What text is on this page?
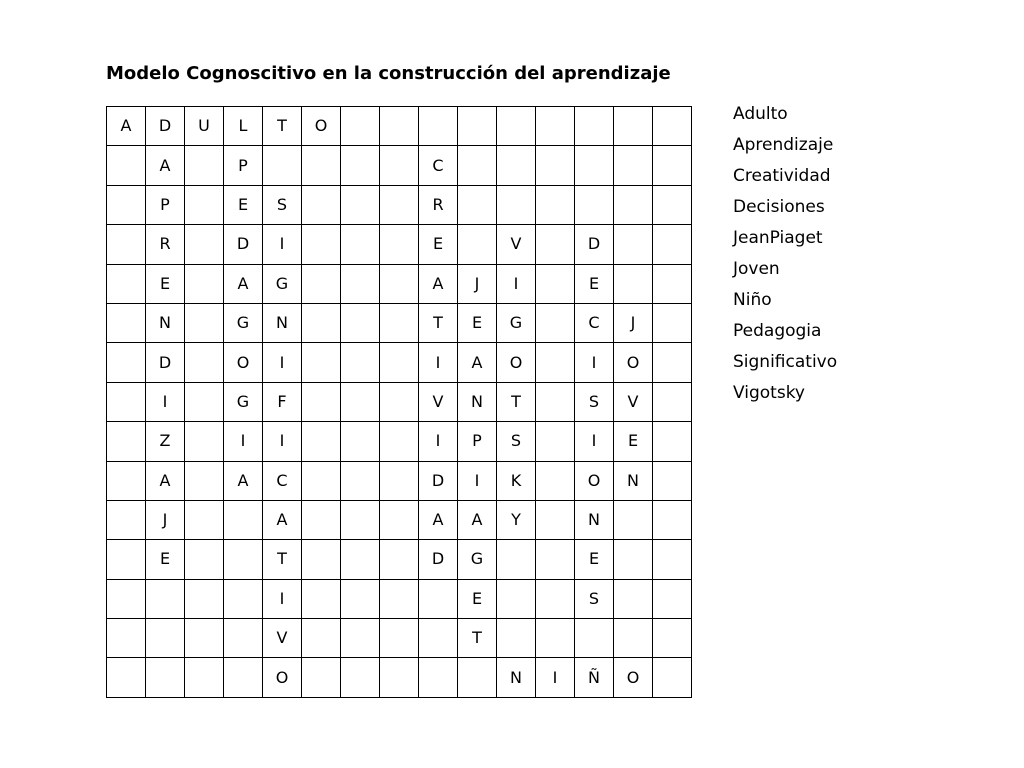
Modelo Cognoscitivo en la construcción del aprendizaje
A	D	U	L	T	O									
	A		P					C						
	P		E	S				R						
	R		D	I				E		V		D		
	E		A	G				A	J	I		E		
	N		G	N				T	E	G		C	J	
	D		O	I				I	A	O		I	O	
	I		G	F				V	N	T		S	V	
	Z		I	I				I	P	S		I	E	
	A		A	C				D	I	K		O	N	
	J			A				A	A	Y		N		
	E			T				D	G			E		
				I					E			S		
				V					T					
				O						N	I	Ñ	O	
Adulto
Aprendizaje
Creatividad
Decisiones
JeanPiaget
Joven
Niño
Pedagogia
Significativo
Vigotsky
